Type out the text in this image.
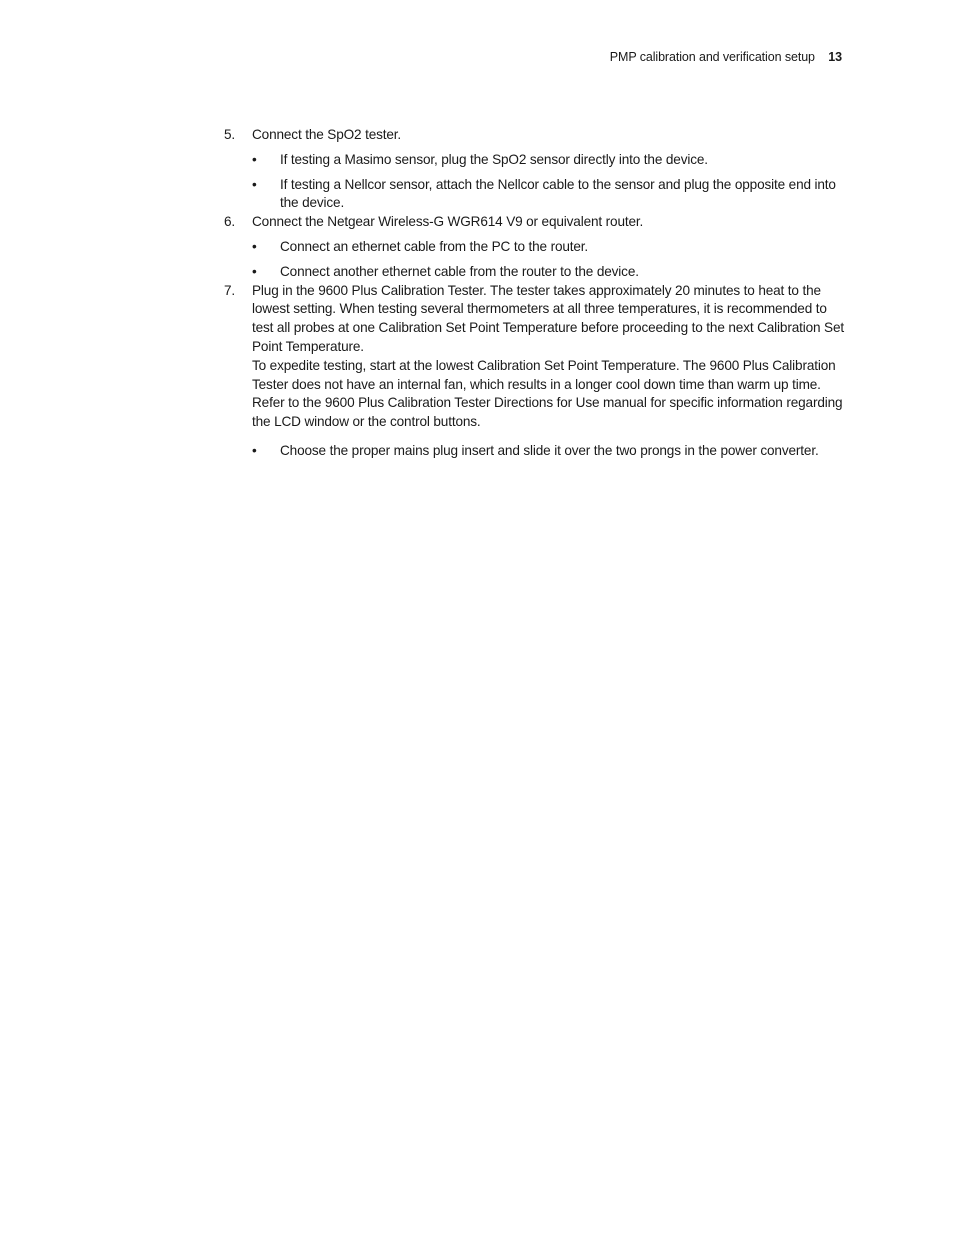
PMP calibration and verification setup 13
5. Connect the SpO2 tester.

• If testing a Masimo sensor, plug the SpO2 sensor directly into the device.
• If testing a Nellcor sensor, attach the Nellcor cable to the sensor and plug the opposite end into the device.
6. Connect the Netgear Wireless-G WGR614 V9 or equivalent router.

• Connect an ethernet cable from the PC to the router.
• Connect another ethernet cable from the router to the device.
7. Plug in the 9600 Plus Calibration Tester. The tester takes approximately 20 minutes to heat to the lowest setting. When testing several thermometers at all three temperatures, it is recommended to test all probes at one Calibration Set Point Temperature before proceeding to the next Calibration Set Point Temperature.

To expedite testing, start at the lowest Calibration Set Point Temperature. The 9600 Plus Calibration Tester does not have an internal fan, which results in a longer cool down time than warm up time. Refer to the 9600 Plus Calibration Tester Directions for Use manual for specific information regarding the LCD window or the control buttons.

• Choose the proper mains plug insert and slide it over the two prongs in the power converter.
